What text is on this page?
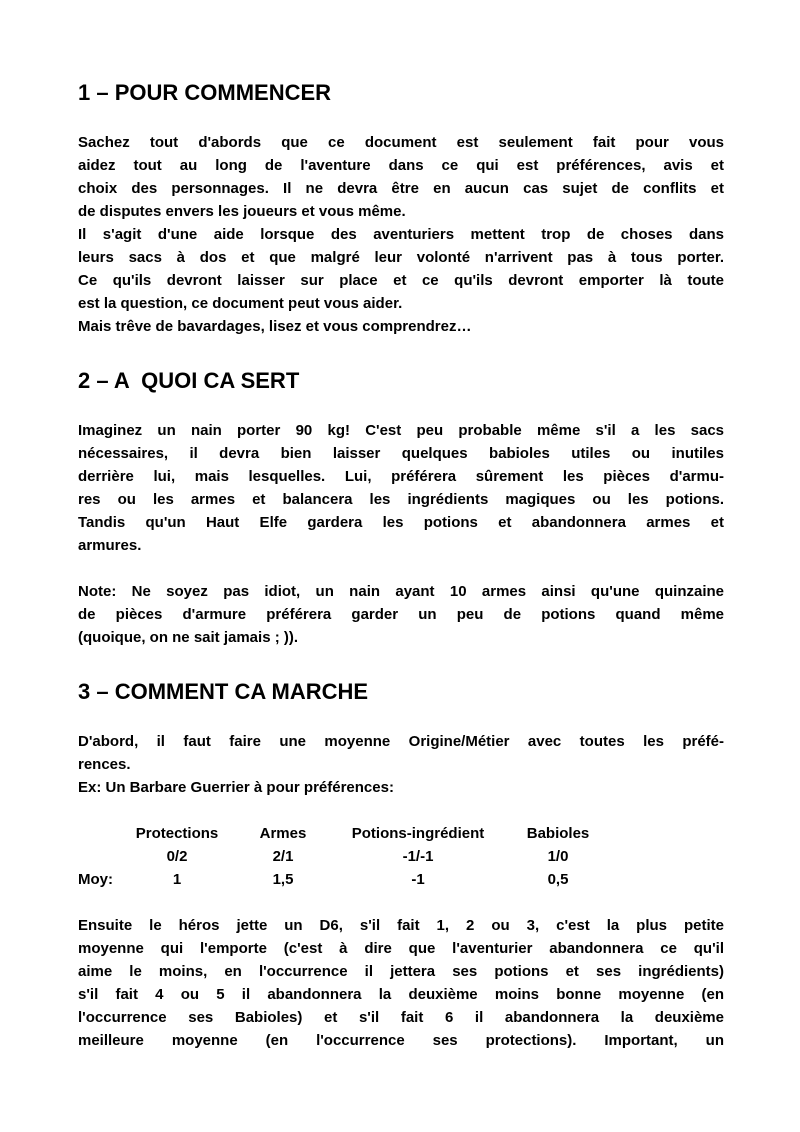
1 – POUR COMMENCER

Sachez tout d'abords que ce document est seulement fait pour vous
aidez tout au long de l'aventure dans ce qui est préférences, avis et
choix des personnages. Il ne devra être en aucun cas sujet de conflits et
de disputes envers les joueurs et vous même.
Il s'agit d'une aide lorsque des aventuriers mettent trop de choses dans
leurs sacs à dos et que malgré leur volonté n'arrivent pas à tous porter.
Ce qu'ils devront laisser sur place et ce qu'ils devront emporter là toute
est la question, ce document peut vous aider.
Mais trêve de bavardages, lisez et vous comprendrez…

2 – A  QUOI CA SERT

Imaginez un nain porter 90 kg! C'est peu probable même s'il a les sacs
nécessaires, il devra bien laisser quelques babioles utiles ou inutiles
derrière lui, mais lesquelles. Lui, préférera sûrement les pièces d'armu-
res ou les armes et balancera les ingrédients magiques ou les potions.
Tandis qu'un Haut Elfe gardera les potions et abandonnera armes et
armures.

Note: Ne soyez pas idiot, un nain ayant 10 armes ainsi qu'une quinzaine
de pièces d'armure préférera garder un peu de potions quand même
(quoique, on ne sait jamais ; )).

3 – COMMENT CA MARCHE

D'abord, il faut faire une moyenne Origine/Métier avec toutes les préfé-
rences.
Ex: Un Barbare Guerrier à pour préférences:

	Protections		Armes		Potions-ingrédient		Babioles
	0/2		2/1		-1/-1		1/0
Moy:	1		1,5		-1		0,5

Ensuite le héros jette un D6, s'il fait 1, 2 ou 3, c'est la plus petite
moyenne qui l'emporte (c'est à dire que l'aventurier abandonnera ce qu'il
aime le moins, en l'occurrence il jettera ses potions et ses ingrédients)
s'il fait 4 ou 5 il abandonnera la deuxième moins bonne moyenne (en
l'occurrence ses Babioles) et s'il fait 6 il abandonnera la deuxième
meilleure moyenne (en l'occurrence ses protections). Important, un
